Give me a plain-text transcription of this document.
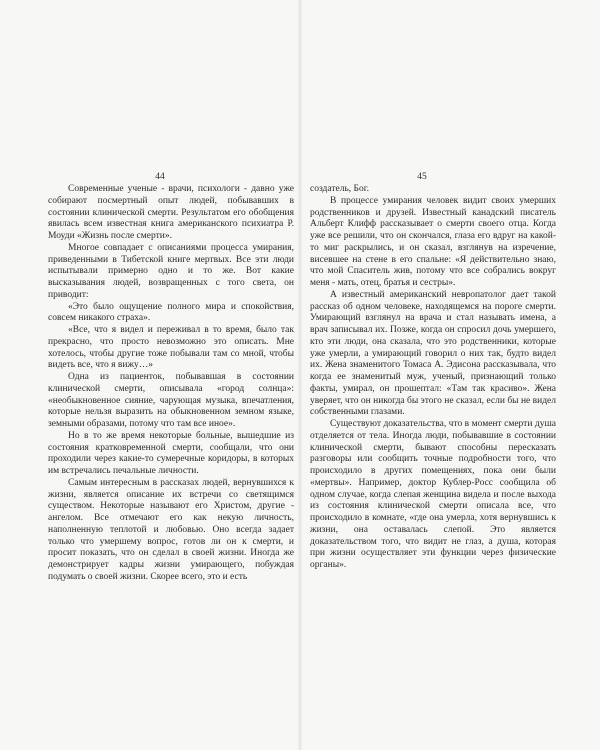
44

Современные ученые - врачи, психологи - давно уже собирают посмертный опыт людей, побывавших в состоянии клинической смерти. Результатом его обобщения явилась всем известная книга американского психиатра Р. Моуди «Жизнь после смерти».

Многое совпадает с описаниями процесса умирания, приведенными в Тибетской книге мертвых. Все эти люди испытывали примерно одно и то же. Вот какие высказывания людей, возвращенных с того света, он приводит:

«Это было ощущение полного мира и спокойствия, совсем никакого страха».

«Все, что я видел и переживал в то время, было так прекрасно, что просто невозможно это описать. Мне хотелось, чтобы другие тоже побывали там со мной, чтобы видеть все, что я вижу…»

Одна из пациенток, побывавшая в состоянии клинической смерти, описывала «город солнца»: «необыкновенное сияние, чарующая музыка, впечатления, которые нельзя выразить на обыкновенном земном языке, земными образами, потому что там все иное».

Но в то же время некоторые больные, вышедшие из состояния кратковременной смерти, сообщали, что они проходили через какие-то сумеречные коридоры, в которых им встречались печальные личности.

Самым интересным в рассказах людей, вернувшихся к жизни, является описание их встречи со светящимся существом. Некоторые называют его Христом, другие - ангелом. Все отмечают его как некую личность, наполненную теплотой и любовью. Оно всегда задает только что умершему вопрос, готов ли он к смерти, и просит показать, что он сделал в своей жизни. Иногда же демонстрирует кадры жизни умирающего, побуждая подумать о своей жизни. Скорее всего, это и есть

45

создатель, Бог.

В процессе умирания человек видит своих умерших родственников и друзей. Известный канадский писатель Альберт Клифф рассказывает о смерти своего отца. Когда уже все решили, что он скончался, глаза его вдруг на какой-то миг раскрылись, и он сказал, взглянув на изречение, висевшее на стене в его спальне: «Я действительно знаю, что мой Спаситель жив, потому что все собрались вокруг меня - мать, отец, братья и сестры».

А известный американский невропатолог дает такой рассказ об одном человеке, находящемся на пороге смерти. Умирающий взглянул на врача и стал называть имена, а врач записывал их. Позже, когда он спросил дочь умершего, кто эти люди, она сказала, что это родственники, которые уже умерли, а умирающий говорил о них так, будто видел их. Жена знаменитого Томаса А. Эдисона рассказывала, что когда ее знаменитый муж, ученый, признающий только факты, умирал, он прошептал: «Там так красиво». Жена уверяет, что он никогда бы этого не сказал, если бы не видел собственными глазами.

Существуют доказательства, что в момент смерти душа отделяется от тела. Иногда люди, побывавшие в состоянии клинической смерти, бывают способны пересказать разговоры или сообщить точные подробности того, что происходило в других помещениях, пока они были «мертвы». Например, доктор Кублер-Росс сообщила об одном случае, когда слепая женщина видела и после выхода из состояния клинической смерти описала все, что происходило в комнате, «где она умерла, хотя вернувшись к жизни, она оставалась слепой. Это является доказательством того, что видит не глаз, а душа, которая при жизни осуществляет эти функции через физические органы».
